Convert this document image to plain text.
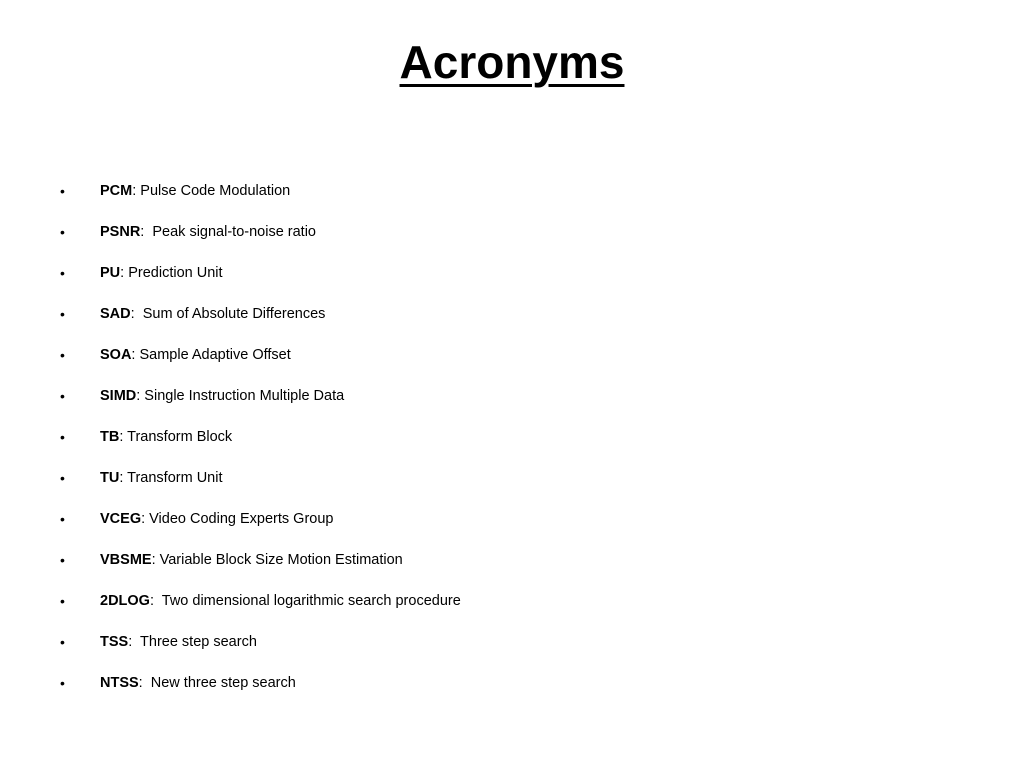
Acronyms
•	PCM : Pulse Code Modulation
•	PSNR :  Peak signal-to-noise ratio
•	PU : Prediction Unit
•	SAD :  Sum of Absolute Differences
•	SOA : Sample Adaptive Offset
•	SIMD : Single Instruction Multiple Data
•	TB : Transform Block
•	TU : Transform Unit
•	VCEG : Video Coding Experts Group
•	VBSME : Variable Block Size Motion Estimation
•	2DLOG :  Two dimensional logarithmic search procedure
•	TSS :  Three step search
•	NTSS :  New three step search
